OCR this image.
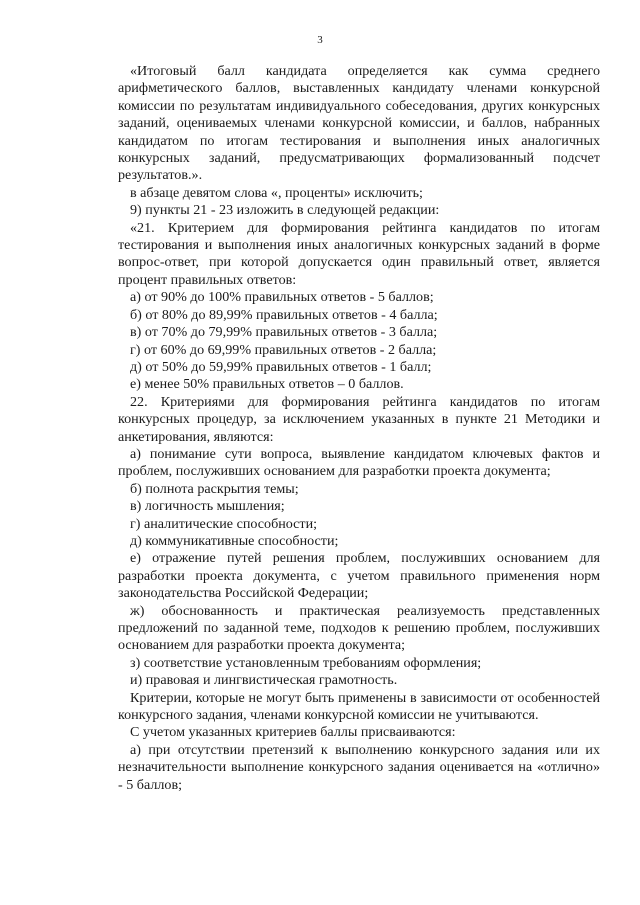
3

«Итоговый балл кандидата определяется как сумма среднего арифметического баллов, выставленных кандидату членами конкурсной комиссии по результатам индивидуального собеседования, других конкурсных заданий, оцениваемых членами конкурсной комиссии, и баллов, набранных кандидатом по итогам тестирования и выполнения иных аналогичных конкурсных заданий, предусматривающих формализованный подсчет результатов.».

в абзаце девятом слова «, проценты» исключить;

9) пункты 21 - 23 изложить в следующей редакции:

«21. Критерием для формирования рейтинга кандидатов по итогам тестирования и выполнения иных аналогичных конкурсных заданий в форме вопрос-ответ, при которой допускается один правильный ответ, является процент правильных ответов:

а) от 90% до 100% правильных ответов - 5 баллов;

б) от 80% до 89,99% правильных ответов - 4 балла;

в) от 70% до 79,99% правильных ответов - 3 балла;

г) от 60% до 69,99% правильных ответов - 2 балла;

д) от 50% до 59,99% правильных ответов - 1 балл;

е) менее 50% правильных ответов – 0 баллов.

22. Критериями для формирования рейтинга кандидатов по итогам конкурсных процедур, за исключением указанных в пункте 21 Методики и анкетирования, являются:

а) понимание сути вопроса, выявление кандидатом ключевых фактов и проблем, послуживших основанием для разработки проекта документа;

б) полнота раскрытия темы;

в) логичность мышления;

г) аналитические способности;

д) коммуникативные способности;

е) отражение путей решения проблем, послуживших основанием для разработки проекта документа, с учетом правильного применения норм законодательства Российской Федерации;

ж) обоснованность и практическая реализуемость представленных предложений по заданной теме, подходов к решению проблем, послуживших основанием для разработки проекта документа;

з) соответствие установленным требованиям оформления;

и) правовая и лингвистическая грамотность.

Критерии, которые не могут быть применены в зависимости от особенностей конкурсного задания, членами конкурсной комиссии не учитываются.

С учетом указанных критериев баллы присваиваются:

а) при отсутствии претензий к выполнению конкурсного задания или их незначительности выполнение конкурсного задания оценивается на «отлично» - 5 баллов;
